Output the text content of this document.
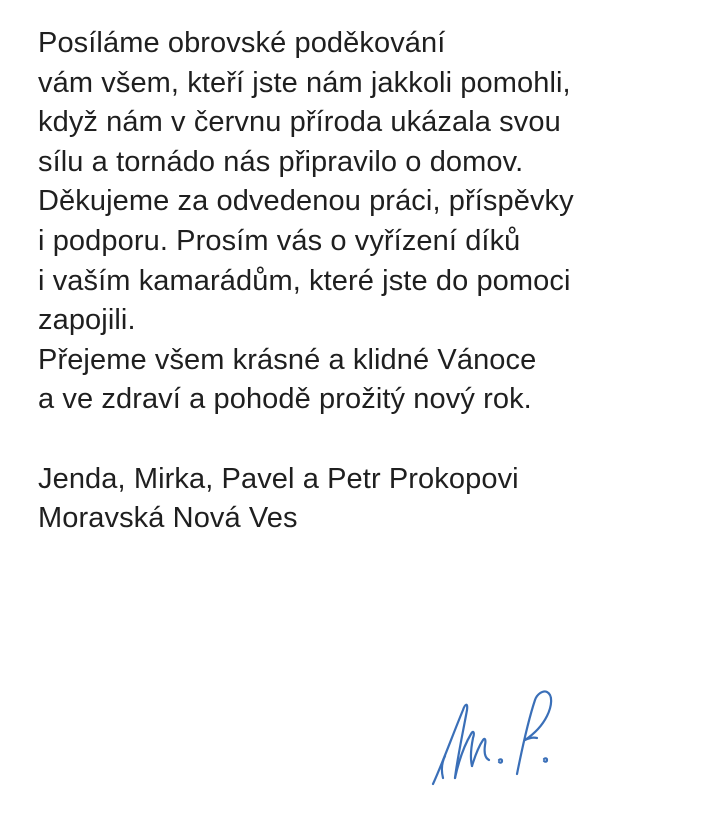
Posíláme obrovské poděkování
vám všem, kteří jste nám jakkoli pomohli,
když nám v červnu příroda ukázala svou
sílu a tornádo nás připravilo o domov.
Děkujeme za odvedenou práci, příspěvky
i podporu. Prosím vás o vyřízení díků
i vaším kamarádům, které jste do pomoci
zapojili.
Přejeme všem krásné a klidné Vánoce
a ve zdraví a pohodě prožitý nový rok.
Jenda, Mirka, Pavel a Petr Prokopovi
Moravská Nová Ves
